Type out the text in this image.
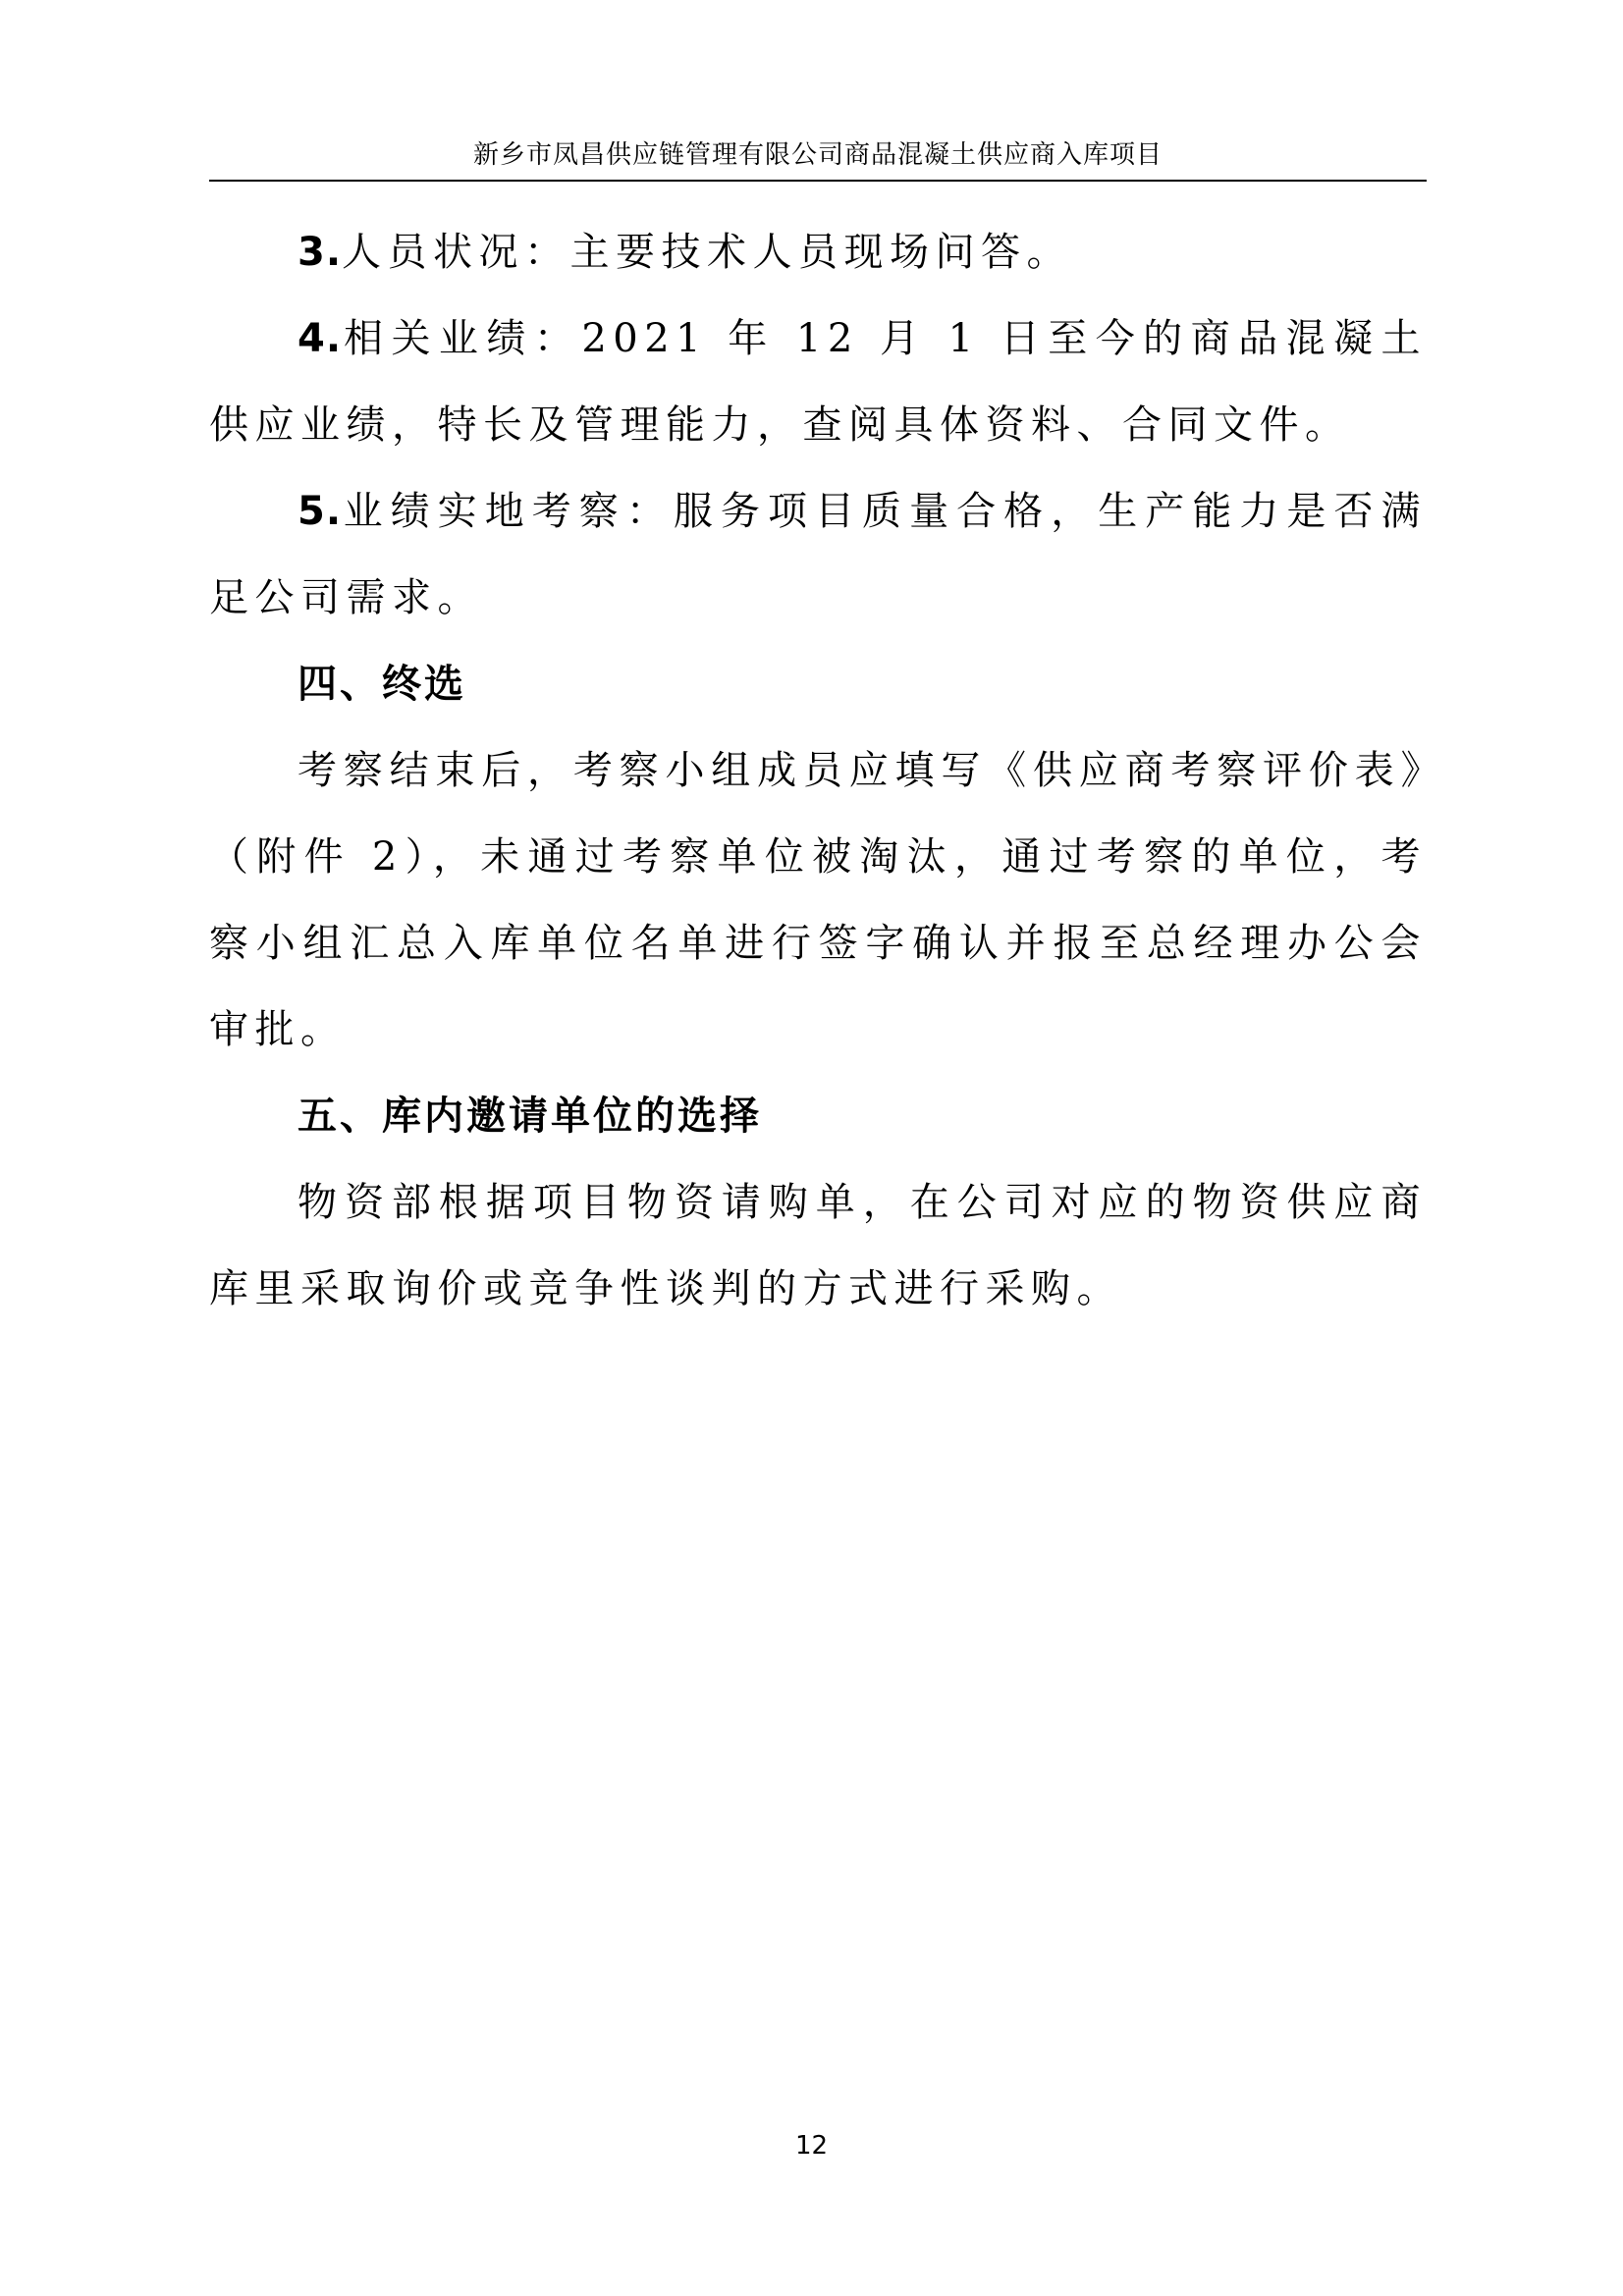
新乡市凤昌供应链管理有限公司商品混凝土供应商入库项目

3.人员状况：主要技术人员现场问答。

4.相关业绩：2021 年 12 月 1 日至今的商品混凝土供应业绩，特长及管理能力，查阅具体资料、合同文件。

5.业绩实地考察：服务项目质量合格，生产能力是否满足公司需求。

四、终选

考察结束后，考察小组成员应填写《供应商考察评价表》（附件 2），未通过考察单位被淘汰，通过考察的单位，考察小组汇总入库单位名单进行签字确认并报至总经理办公会审批。

五、库内邀请单位的选择

物资部根据项目物资请购单，在公司对应的物资供应商库里采取询价或竞争性谈判的方式进行采购。

12
